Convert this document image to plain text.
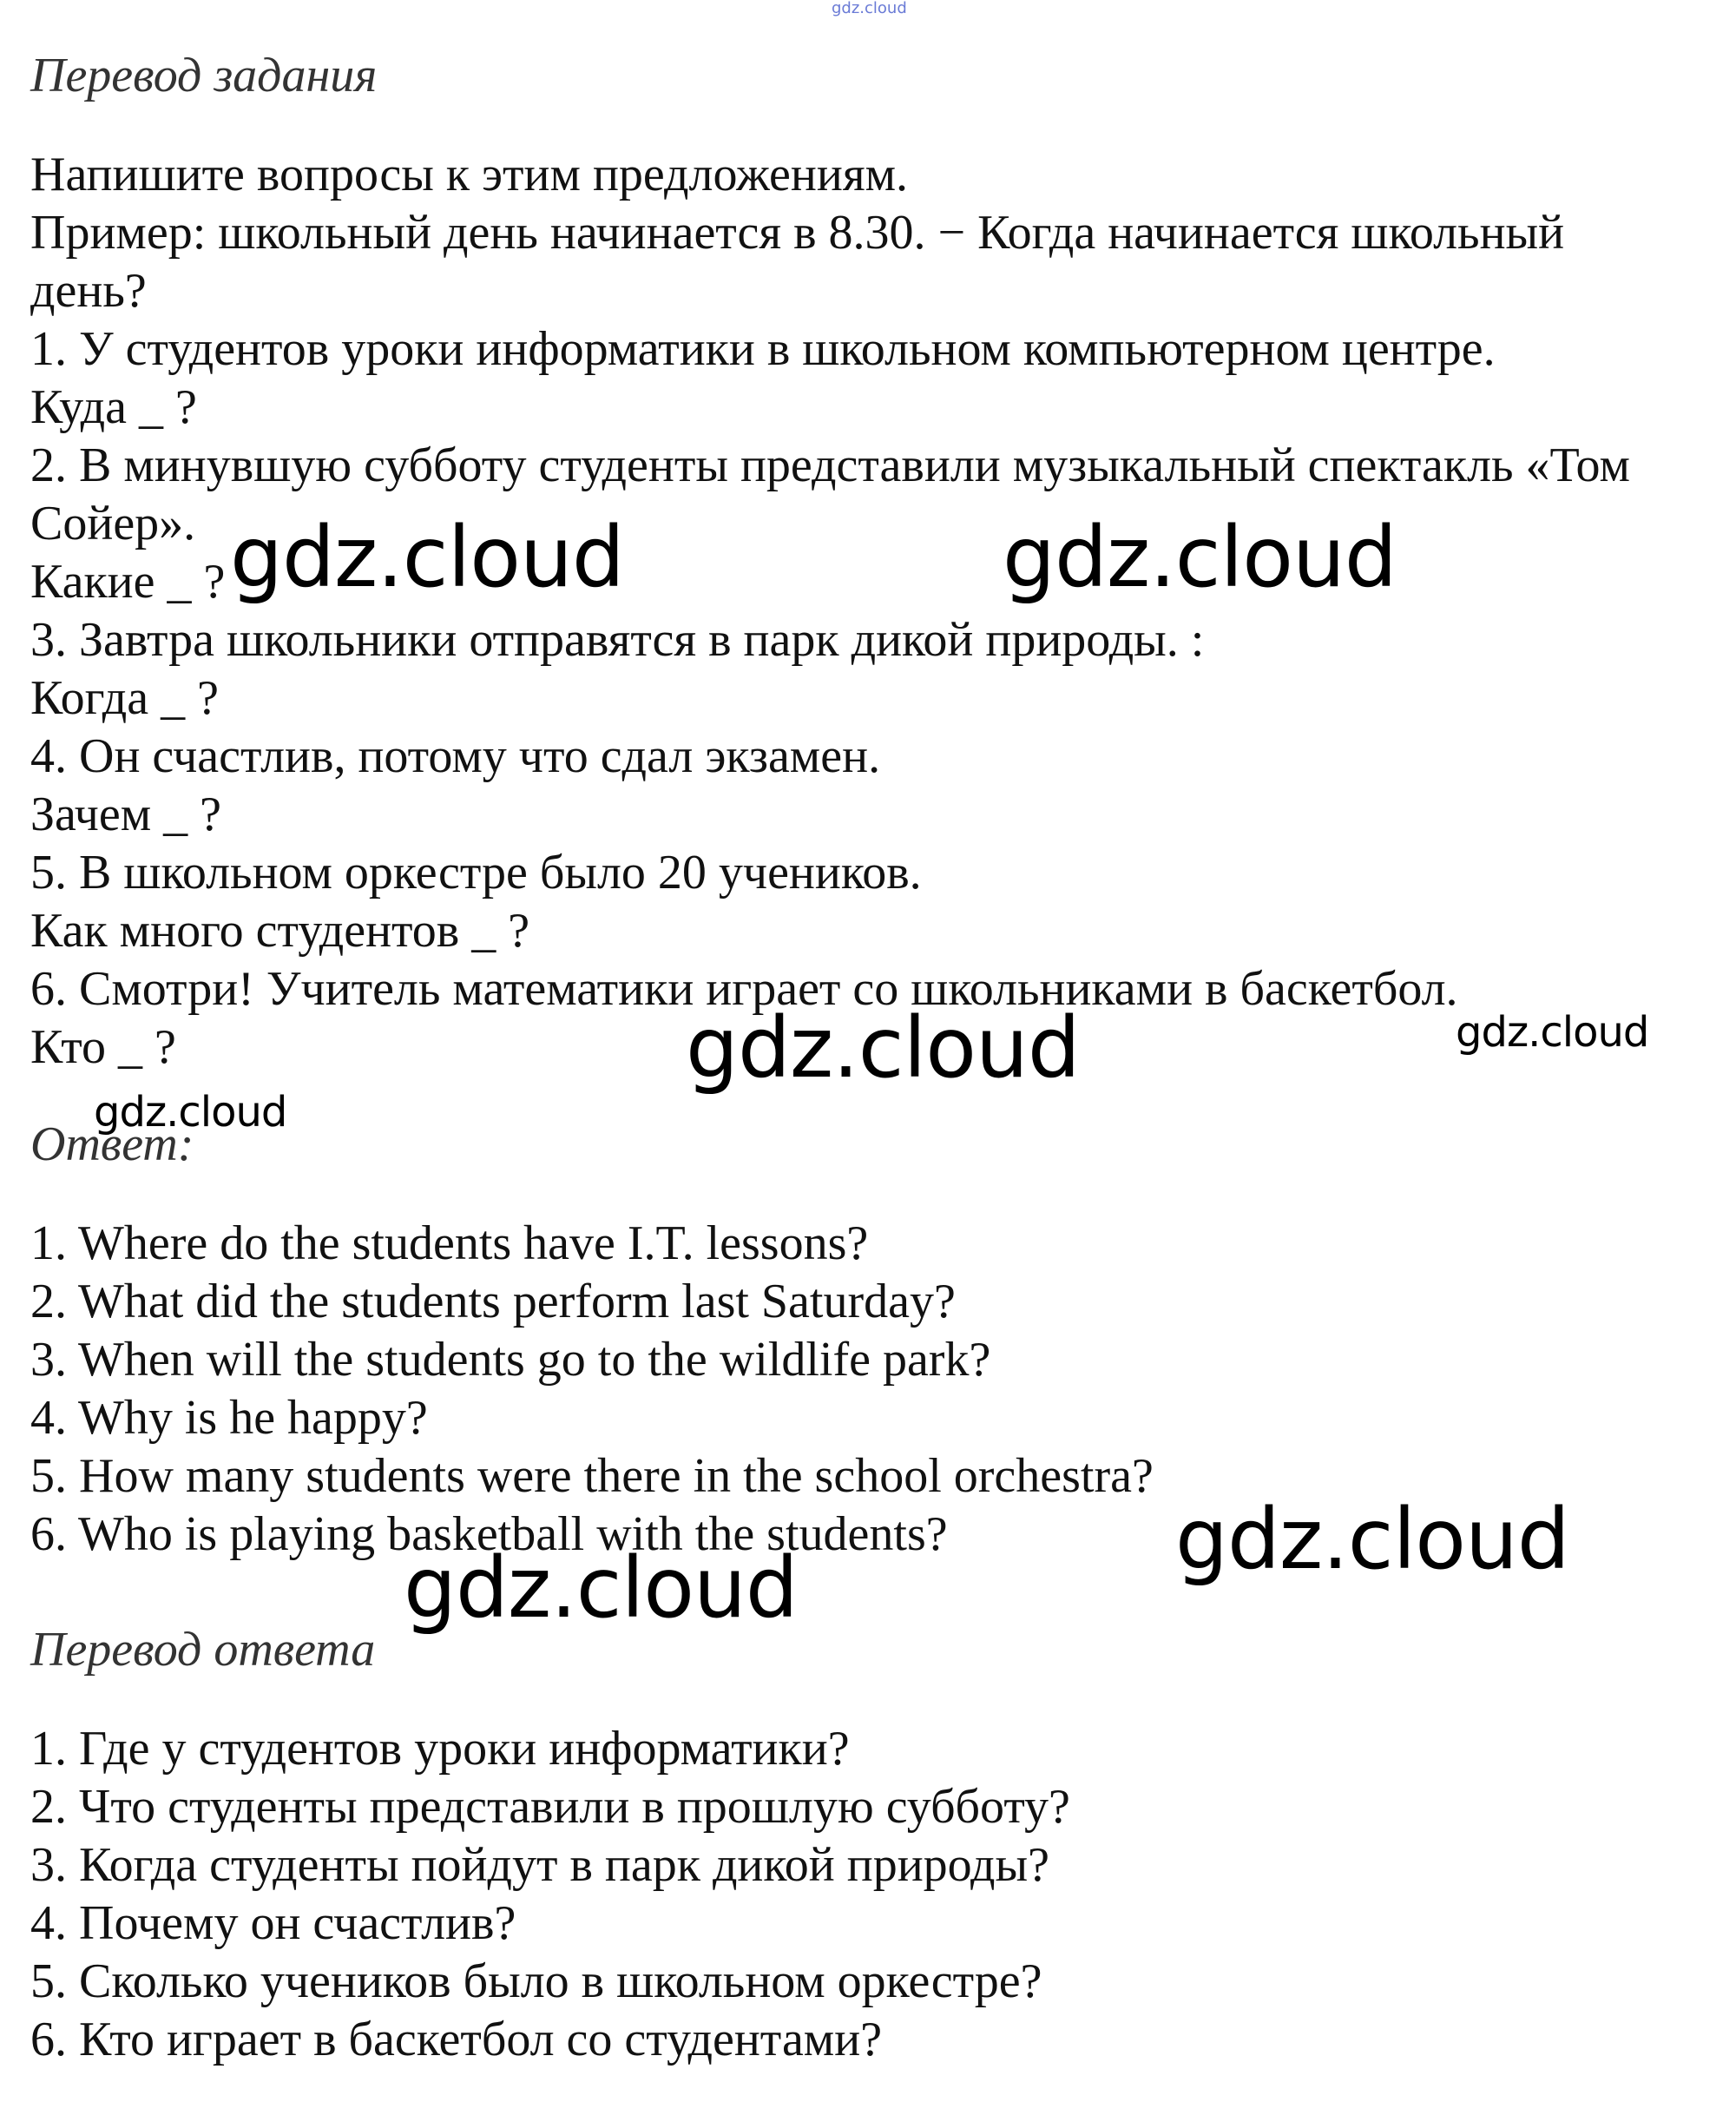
gdz.cloud
Перевод задания
Напишите вопросы к этим предложениям.
Пример: школьный день начинается в 8.30. − Когда начинается школьный
день?
1. У студентов уроки информатики в школьном компьютерном центре.
Куда _ ?
2. В минувшую субботу студенты представили музыкальный спектакль «Том
Сойер».
Какие _ ?
3. Завтра школьники отправятся в парк дикой природы. :
Когда _ ?
4. Он счастлив, потому что сдал экзамен.
Зачем _ ?
5. В школьном оркестре было 20 учеников.
Как много студентов _ ?
6. Смотри! Учитель математики играет со школьниками в баскетбол.
Кто _ ?
Ответ:
1. Where do the students have I.T. lessons?
2. What did the students perform last Saturday?
3. When will the students go to the wildlife park?
4. Why is he happy?
5. How many students were there in the school orchestra?
6. Who is playing basketball with the students?
Перевод ответа
1. Где у студентов уроки информатики?
2. Что студенты представили в прошлую субботу?
3. Когда студенты пойдут в парк дикой природы?
4. Почему он счастлив?
5. Сколько учеников было в школьном оркестре?
6. Кто играет в баскетбол со студентами?
gdz.cloud	gdz.cloud
gdz.cloud	gdz.cloud
gdz.cloud
gdz.cloud
gdz.cloud
